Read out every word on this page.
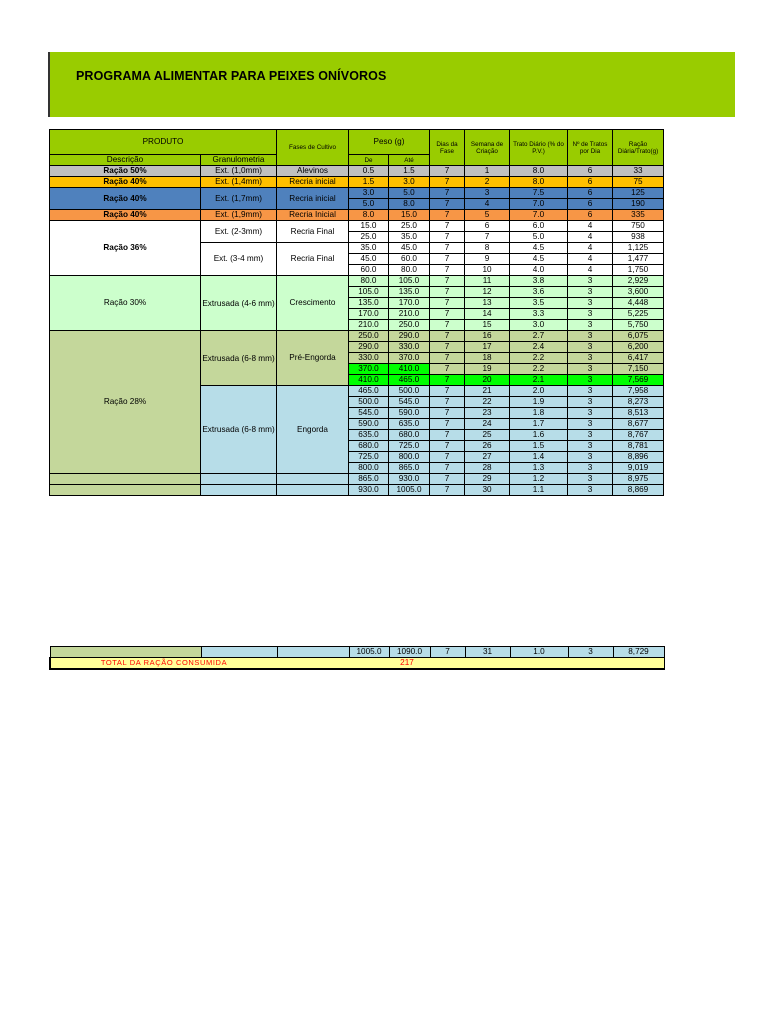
PROGRAMA ALIMENTAR PARA PEIXES ONÍVOROS
PRODUTO		Fases de Cultivo	Peso (g)		Dias da Fase	Semana de Criação	Trato Diário (% do P.V.)	Nº de Tratos por Dia	Ração Diária/Trato(g)
Descrição	Granulometria		De	Até					
Ração 50%	Ext. (1,0mm)	Alevinos	0.5	1.5	7	1	8.0	6	33
Ração 40%	Ext. (1,4mm)	Recria inicial	1.5	3.0	7	2	8.0	6	75
Ração 40%	Ext. (1,7mm)	Recria inicial	3.0	5.0	7	3	7.5	6	125
			5.0	8.0	7	4	7.0	6	190
Ração 40%	Ext. (1,9mm)	Recria Inicial	8.0	15.0	7	5	7.0	6	335
Ração 36%	Ext. (2-3mm)	Recria Final	15.0	25.0	7	6	6.0	4	750
			25.0	35.0	7	7	5.0	4	938
	Ext. (3-4 mm)	Recria Final	35.0	45.0	7	8	4.5	4	1,125
			45.0	60.0	7	9	4.5	4	1,477
			60.0	80.0	7	10	4.0	4	1,750
Ração 30%	Extrusada (4-6 mm)	Crescimento	80.0	105.0	7	11	3.8	3	2,929
			105.0	135.0	7	12	3.6	3	3,600
			135.0	170.0	7	13	3.5	3	4,448
			170.0	210.0	7	14	3.3	3	5,225
			210.0	250.0	7	15	3.0	3	5,750
Ração 28%	Extrusada (6-8 mm)	Pré-Engorda	250.0	290.0	7	16	2.7	3	6,075
			290.0	330.0	7	17	2.4	3	6,200
			330.0	370.0	7	18	2.2	3	6,417
			370.0	410.0	7	19	2.2	3	7,150
			410.0	465.0	7	20	2.1	3	7,569
	Extrusada (6-8 mm)	Engorda	465.0	500.0	7	21	2.0	3	7,958
			500.0	545.0	7	22	1.9	3	8,273
			545.0	590.0	7	23	1.8	3	8,513
			590.0	635.0	7	24	1.7	3	8,677
			635.0	680.0	7	25	1.6	3	8,767
			680.0	725.0	7	26	1.5	3	8,781
			725.0	800.0	7	27	1.4	3	8,896
			800.0	865.0	7	28	1.3	3	9,019
			865.0	930.0	7	29	1.2	3	8,975
			930.0	1005.0	7	30	1.1	3	8,869
			1005.0	1090.0	7	31	1.0	3	8,729
TOTAL DA RAÇÃO CONSUMIDA			217						
